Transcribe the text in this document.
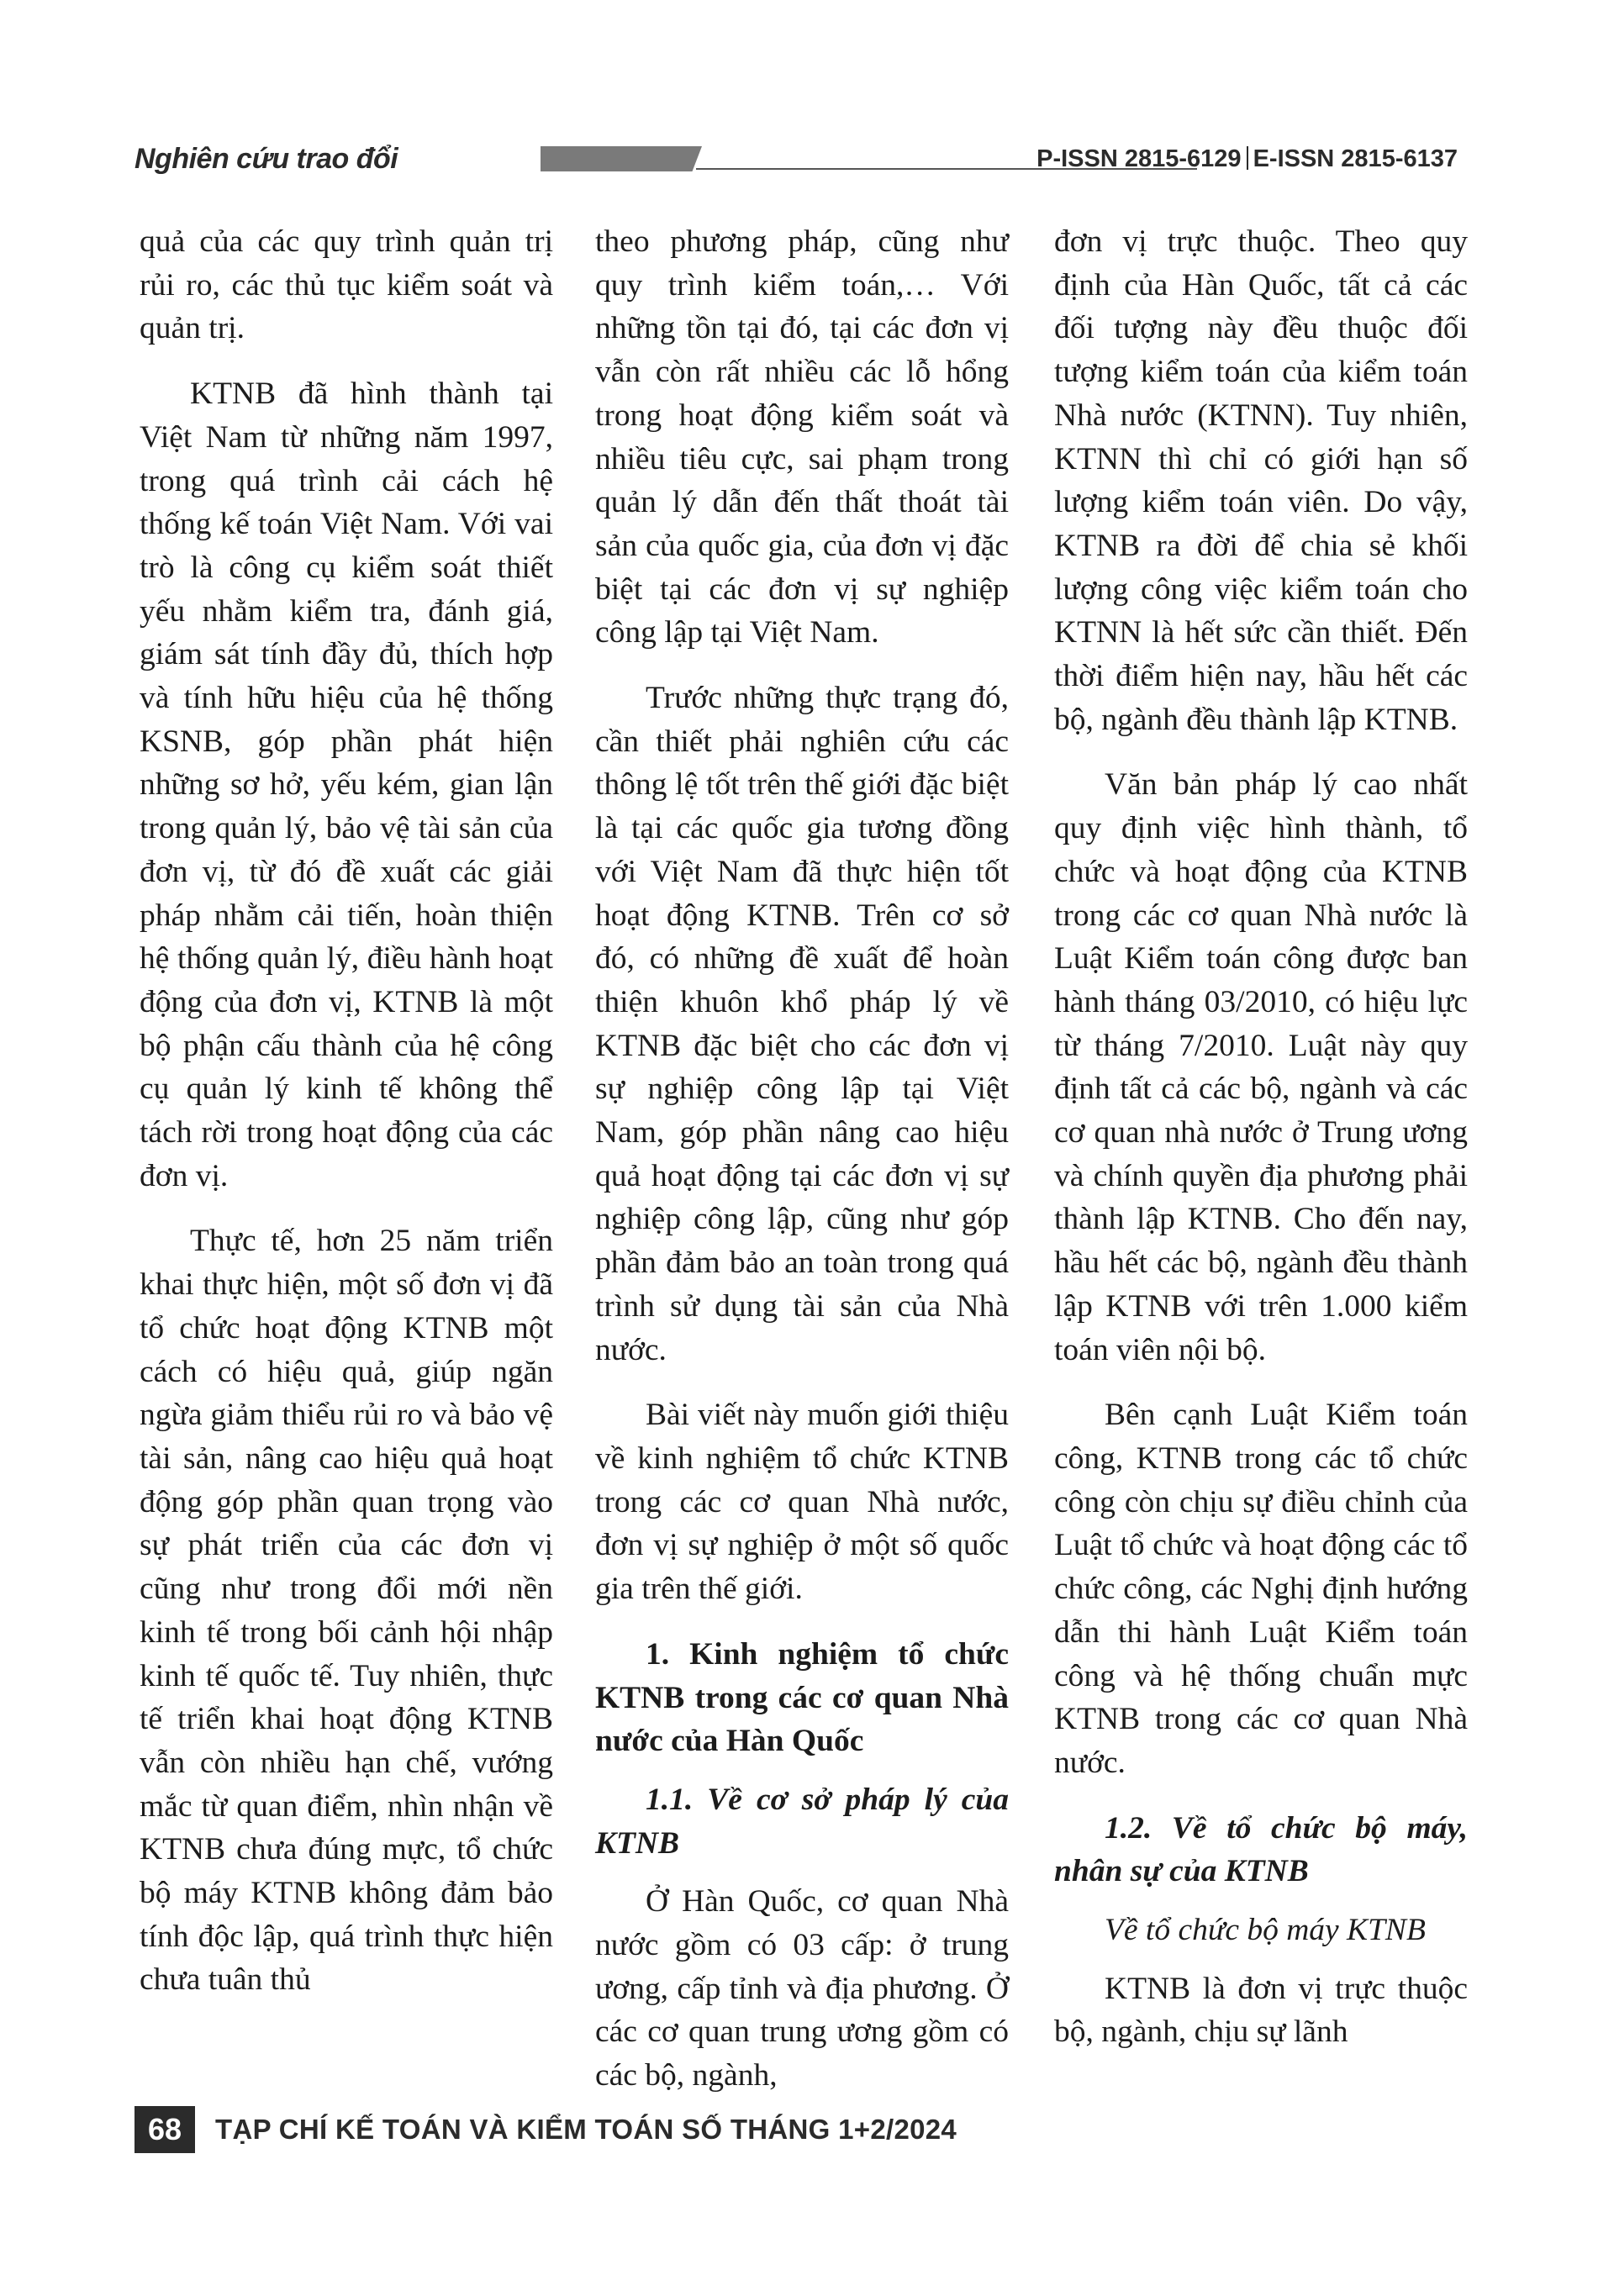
Nghiên cứu trao đổi	P-ISSN 2815-6129 E-ISSN 2815-6137

quả của các quy trình quản trị rủi ro, các thủ tục kiểm soát và quản trị.

KTNB đã hình thành tại Việt Nam từ những năm 1997, trong quá trình cải cách hệ thống kế toán Việt Nam. Với vai trò là công cụ kiểm soát thiết yếu nhằm kiểm tra, đánh giá, giám sát tính đầy đủ, thích hợp và tính hữu hiệu của hệ thống KSNB, góp phần phát hiện những sơ hở, yếu kém, gian lận trong quản lý, bảo vệ tài sản của đơn vị, từ đó đề xuất các giải pháp nhằm cải tiến, hoàn thiện hệ thống quản lý, điều hành hoạt động của đơn vị, KTNB là một bộ phận cấu thành của hệ công cụ quản lý kinh tế không thể tách rời trong hoạt động của các đơn vị.

Thực tế, hơn 25 năm triển khai thực hiện, một số đơn vị đã tổ chức hoạt động KTNB một cách có hiệu quả, giúp ngăn ngừa giảm thiểu rủi ro và bảo vệ tài sản, nâng cao hiệu quả hoạt động góp phần quan trọng vào sự phát triển của các đơn vị cũng như trong đổi mới nền kinh tế trong bối cảnh hội nhập kinh tế quốc tế. Tuy nhiên, thực tế triển khai hoạt động KTNB vẫn còn nhiều hạn chế, vướng mắc từ quan điểm, nhìn nhận về KTNB chưa đúng mực, tổ chức bộ máy KTNB không đảm bảo tính độc lập, quá trình thực hiện chưa tuân thủ

theo phương pháp, cũng như quy trình kiểm toán,… Với những tồn tại đó, tại các đơn vị vẫn còn rất nhiều các lỗ hổng trong hoạt động kiểm soát và nhiều tiêu cực, sai phạm trong quản lý dẫn đến thất thoát tài sản của quốc gia, của đơn vị đặc biệt tại các đơn vị sự nghiệp công lập tại Việt Nam.

Trước những thực trạng đó, cần thiết phải nghiên cứu các thông lệ tốt trên thế giới đặc biệt là tại các quốc gia tương đồng với Việt Nam đã thực hiện tốt hoạt động KTNB. Trên cơ sở đó, có những đề xuất để hoàn thiện khuôn khổ pháp lý về KTNB đặc biệt cho các đơn vị sự nghiệp công lập tại Việt Nam, góp phần nâng cao hiệu quả hoạt động tại các đơn vị sự nghiệp công lập, cũng như góp phần đảm bảo an toàn trong quá trình sử dụng tài sản của Nhà nước.

Bài viết này muốn giới thiệu về kinh nghiệm tổ chức KTNB trong các cơ quan Nhà nước, đơn vị sự nghiệp ở một số quốc gia trên thế giới.

1. Kinh nghiệm tổ chức KTNB trong các cơ quan Nhà nước của Hàn Quốc

1.1. Về cơ sở pháp lý của KTNB

Ở Hàn Quốc, cơ quan Nhà nước gồm có 03 cấp: ở trung ương, cấp tỉnh và địa phương. Ở các cơ quan trung ương gồm có các bộ, ngành,

đơn vị trực thuộc. Theo quy định của Hàn Quốc, tất cả các đối tượng này đều thuộc đối tượng kiểm toán của kiểm toán Nhà nước (KTNN). Tuy nhiên, KTNN thì chỉ có giới hạn số lượng kiểm toán viên. Do vậy, KTNB ra đời để chia sẻ khối lượng công việc kiểm toán cho KTNN là hết sức cần thiết. Đến thời điểm hiện nay, hầu hết các bộ, ngành đều thành lập KTNB.

Văn bản pháp lý cao nhất quy định việc hình thành, tổ chức và hoạt động của KTNB trong các cơ quan Nhà nước là Luật Kiểm toán công được ban hành tháng 03/2010, có hiệu lực từ tháng 7/2010. Luật này quy định tất cả các bộ, ngành và các cơ quan nhà nước ở Trung ương và chính quyền địa phương phải thành lập KTNB. Cho đến nay, hầu hết các bộ, ngành đều thành lập KTNB với trên 1.000 kiểm toán viên nội bộ.

Bên cạnh Luật Kiểm toán công, KTNB trong các tổ chức công còn chịu sự điều chỉnh của Luật tổ chức và hoạt động các tổ chức công, các Nghị định hướng dẫn thi hành Luật Kiểm toán công và hệ thống chuẩn mực KTNB trong các cơ quan Nhà nước.

1.2. Về tổ chức bộ máy, nhân sự của KTNB

Về tổ chức bộ máy KTNB

KTNB là đơn vị trực thuộc bộ, ngành, chịu sự lãnh

68	TẠP CHÍ KẾ TOÁN VÀ KIỂM TOÁN SỐ THÁNG 1+2/2024
